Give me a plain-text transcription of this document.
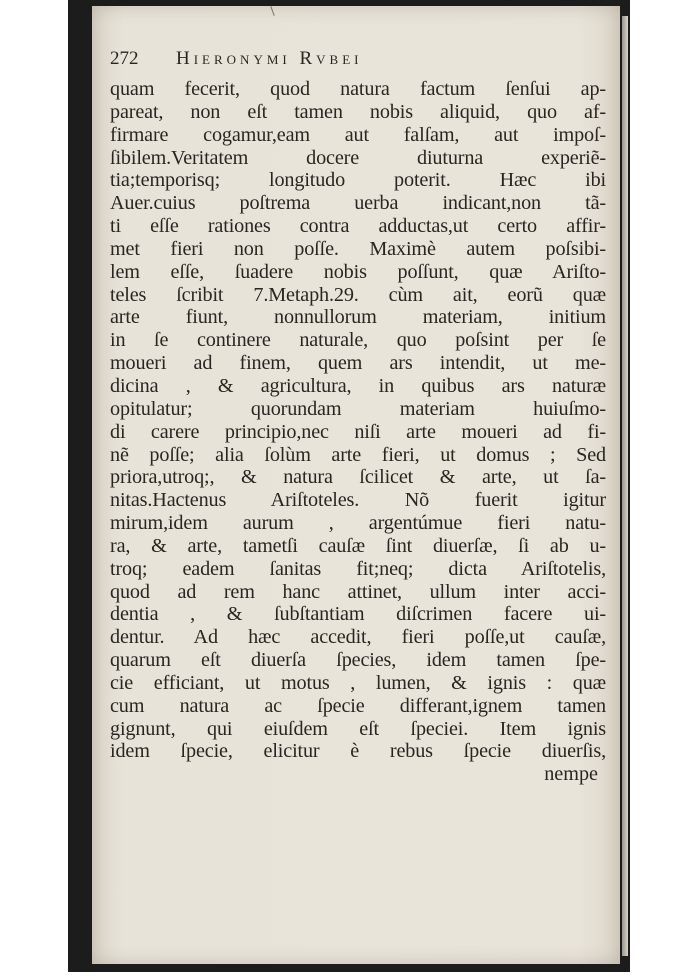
272	Hieronymi Rvbei
quam fecerit, quod natura factum ſenſui ap-
pareat, non eſt tamen nobis aliquid, quo af-
firmare cogamur,eam aut falſam, aut impoſ-
ſibilem.Veritatem docere diuturna experiẽ-
tia;temporisq; longitudo poterit. Hæc ibi
Auer.cuius poſtrema uerba indicant,non tã-
ti eſſe rationes contra adductas,ut certo affir-
met fieri non poſſe. Maximè autem poſsibi-
lem eſſe, ſuadere nobis poſſunt, quæ Ariſto-
teles ſcribit 7.Metaph.29. cùm ait, eorũ quæ
arte fiunt, nonnullorum materiam, initium
in ſe continere naturale, quo poſsint per ſe
moueri ad finem, quem ars intendit, ut me-
dicina , & agricultura, in quibus ars naturæ
opitulatur; quorundam materiam huiuſmo-
di carere principio,nec niſi arte moueri ad fi-
nẽ poſſe; alia ſolùm arte fieri, ut domus ; Sed
priora,utroq;, & natura ſcilicet & arte, ut ſa-
nitas.Hactenus Ariſtoteles. Nõ fuerit igitur
mirum,idem aurum , argentúmue fieri natu-
ra, & arte, tametſi cauſæ ſint diuerſæ, ſi ab u-
troq; eadem ſanitas fit;neq; dicta Ariſtotelis,
quod ad rem hanc attinet, ullum inter acci-
dentia , & ſubſtantiam diſcrimen facere ui-
dentur. Ad hæc accedit, fieri poſſe,ut cauſæ,
quarum eſt diuerſa ſpecies, idem tamen ſpe-
cie efficiant, ut motus , lumen, & ignis : quæ
cum natura ac ſpecie differant,ignem tamen
gignunt, qui eiuſdem eſt ſpeciei. Item ignis
idem ſpecie, elicitur è rebus ſpecie diuerſis,
nempe
